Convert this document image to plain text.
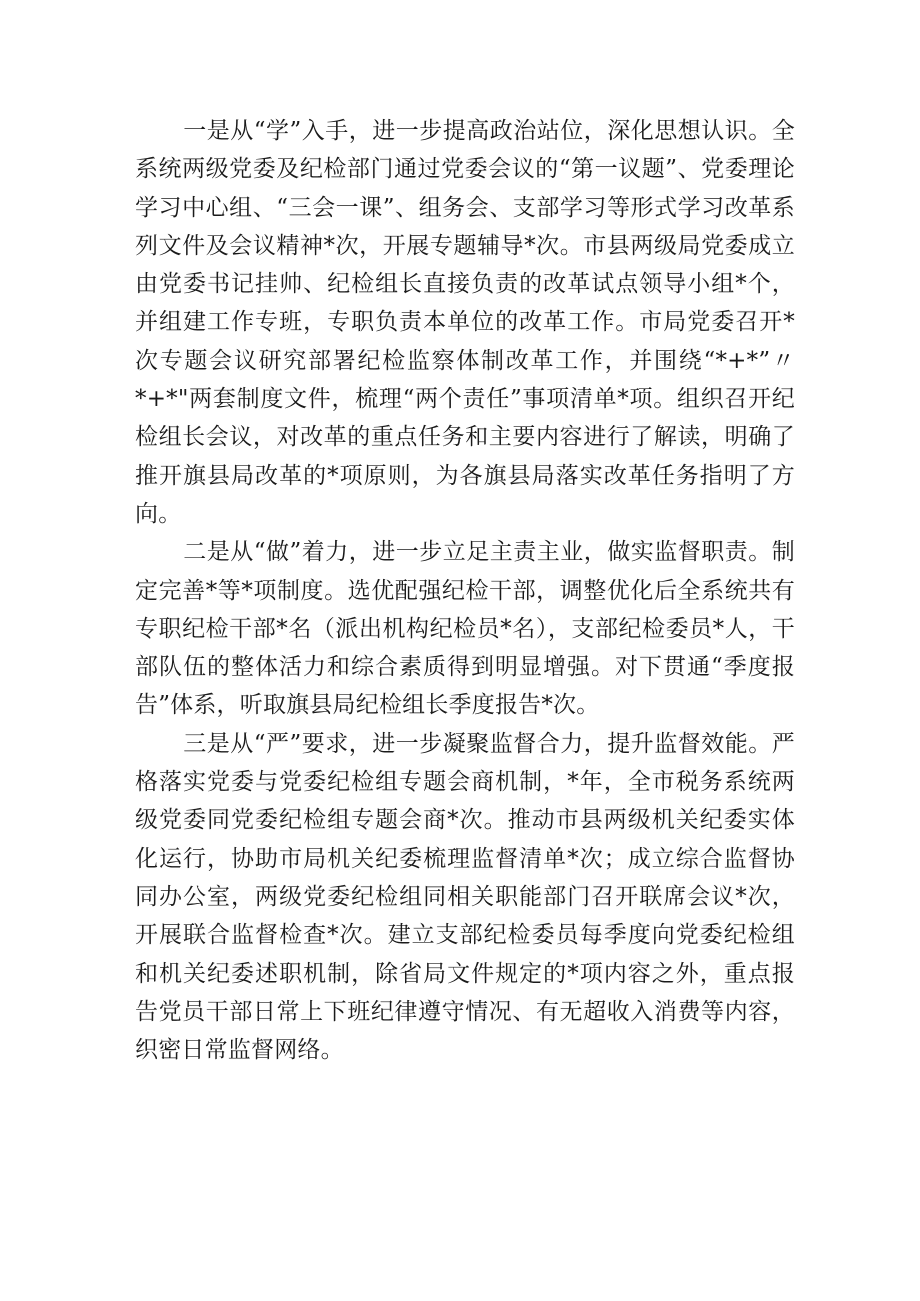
一是从“学”入手，进一步提高政治站位，深化思想认识。全系统两级党委及纪检部门通过党委会议的“第一议题”、党委理论学习中心组、“三会一课”、组务会、支部学习等形式学习改革系列文件及会议精神*次，开展专题辅导*次。市县两级局党委成立由党委书记挂帅、纪检组长直接负责的改革试点领导小组*个，并组建工作专班，专职负责本单位的改革工作。市局党委召开*次专题会议研究部署纪检监察体制改革工作，并围绕“*+*”〃*+*"两套制度文件，梳理“两个责任”事项清单*项。组织召开纪检组长会议，对改革的重点任务和主要内容进行了解读，明确了推开旗县局改革的*项原则，为各旗县局落实改革任务指明了方向。

二是从“做”着力，进一步立足主责主业，做实监督职责。制定完善*等*项制度。选优配强纪检干部，调整优化后全系统共有专职纪检干部*名（派出机构纪检员*名），支部纪检委员*人，干部队伍的整体活力和综合素质得到明显增强。对下贯通“季度报告”体系，听取旗县局纪检组长季度报告*次。

三是从“严”要求，进一步凝聚监督合力，提升监督效能。严格落实党委与党委纪检组专题会商机制，*年，全市税务系统两级党委同党委纪检组专题会商*次。推动市县两级机关纪委实体化运行，协助市局机关纪委梳理监督清单*次；成立综合监督协同办公室，两级党委纪检组同相关职能部门召开联席会议*次，开展联合监督检查*次。建立支部纪检委员每季度向党委纪检组和机关纪委述职机制，除省局文件规定的*项内容之外，重点报告党员干部日常上下班纪律遵守情况、有无超收入消费等内容，织密日常监督网络。
